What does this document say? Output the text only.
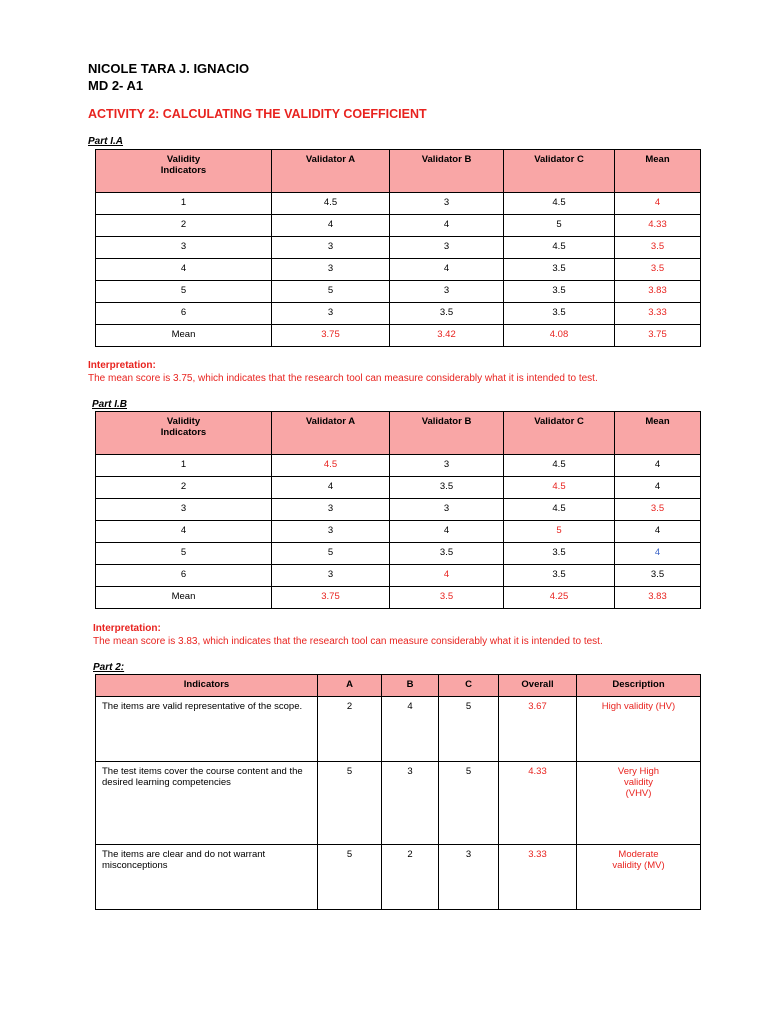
NICOLE TARA J. IGNACIO
MD 2- A1
ACTIVITY 2: CALCULATING THE VALIDITY COEFFICIENT
Part I.A
Validity Indicators	Validator A	Validator B	Validator C	Mean
1	4.5	3	4.5	4
2	4	4	5	4.33
3	3	3	4.5	3.5
4	3	4	3.5	3.5
5	5	3	3.5	3.83
6	3	3.5	3.5	3.33
Mean	3.75	3.42	4.08	3.75
Interpretation:
The mean score is 3.75, which indicates that the research tool can measure considerably what it is intended to test.
Part I.B
Validity Indicators	Validator A	Validator B	Validator C	Mean
1	4.5	3	4.5	4
2	4	3.5	4.5	4
3	3	3	4.5	3.5
4	3	4	5	4
5	5	3.5	3.5	4
6	3	4	3.5	3.5
Mean	3.75	3.5	4.25	3.83
Interpretation:
The mean score is 3.83, which indicates that the research tool can measure considerably what it is intended to test.
Part 2:
Indicators	A	B	C	Overall	Description
The items are valid representative of the scope.	2	4	5	3.67	High validity (HV)
The test items cover the course content and the desired learning competencies	5	3	5	4.33	Very High validity (VHV)
The items are clear and do not warrant misconceptions	5	2	3	3.33	Moderate validity (MV)
